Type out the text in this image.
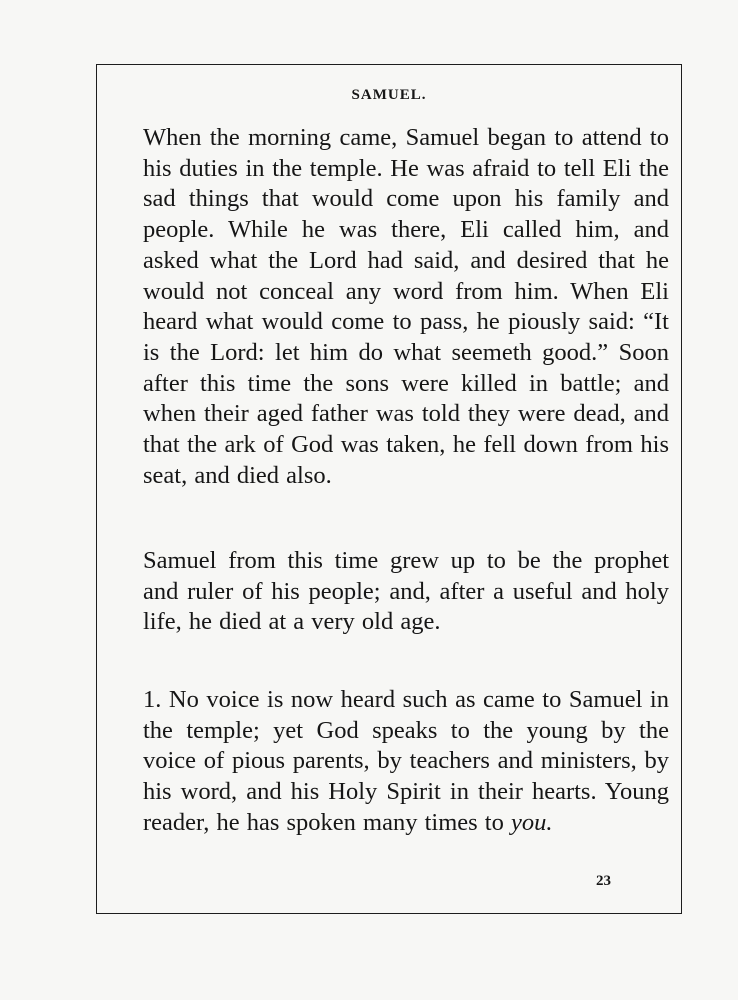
SAMUEL.
When the morning came, Samuel began to attend to his duties in the temple. He was afraid to tell Eli the sad things that would come upon his family and people. While he was there, Eli called him, and asked what the Lord had said, and desired that he would not conceal any word from him. When Eli heard what would come to pass, he piously said: “It is the Lord: let him do what seemeth good.” Soon after this time the sons were killed in battle; and when their aged father was told they were dead, and that the ark of God was taken, he fell down from his seat, and died also.
Samuel from this time grew up to be the prophet and ruler of his people; and, after a useful and holy life, he died at a very old age.
1. No voice is now heard such as came to Samuel in the temple; yet God speaks to the young by the voice of pious parents, by teachers and ministers, by his word, and his Holy Spirit in their hearts. Young reader, he has spoken many times to you.
23
